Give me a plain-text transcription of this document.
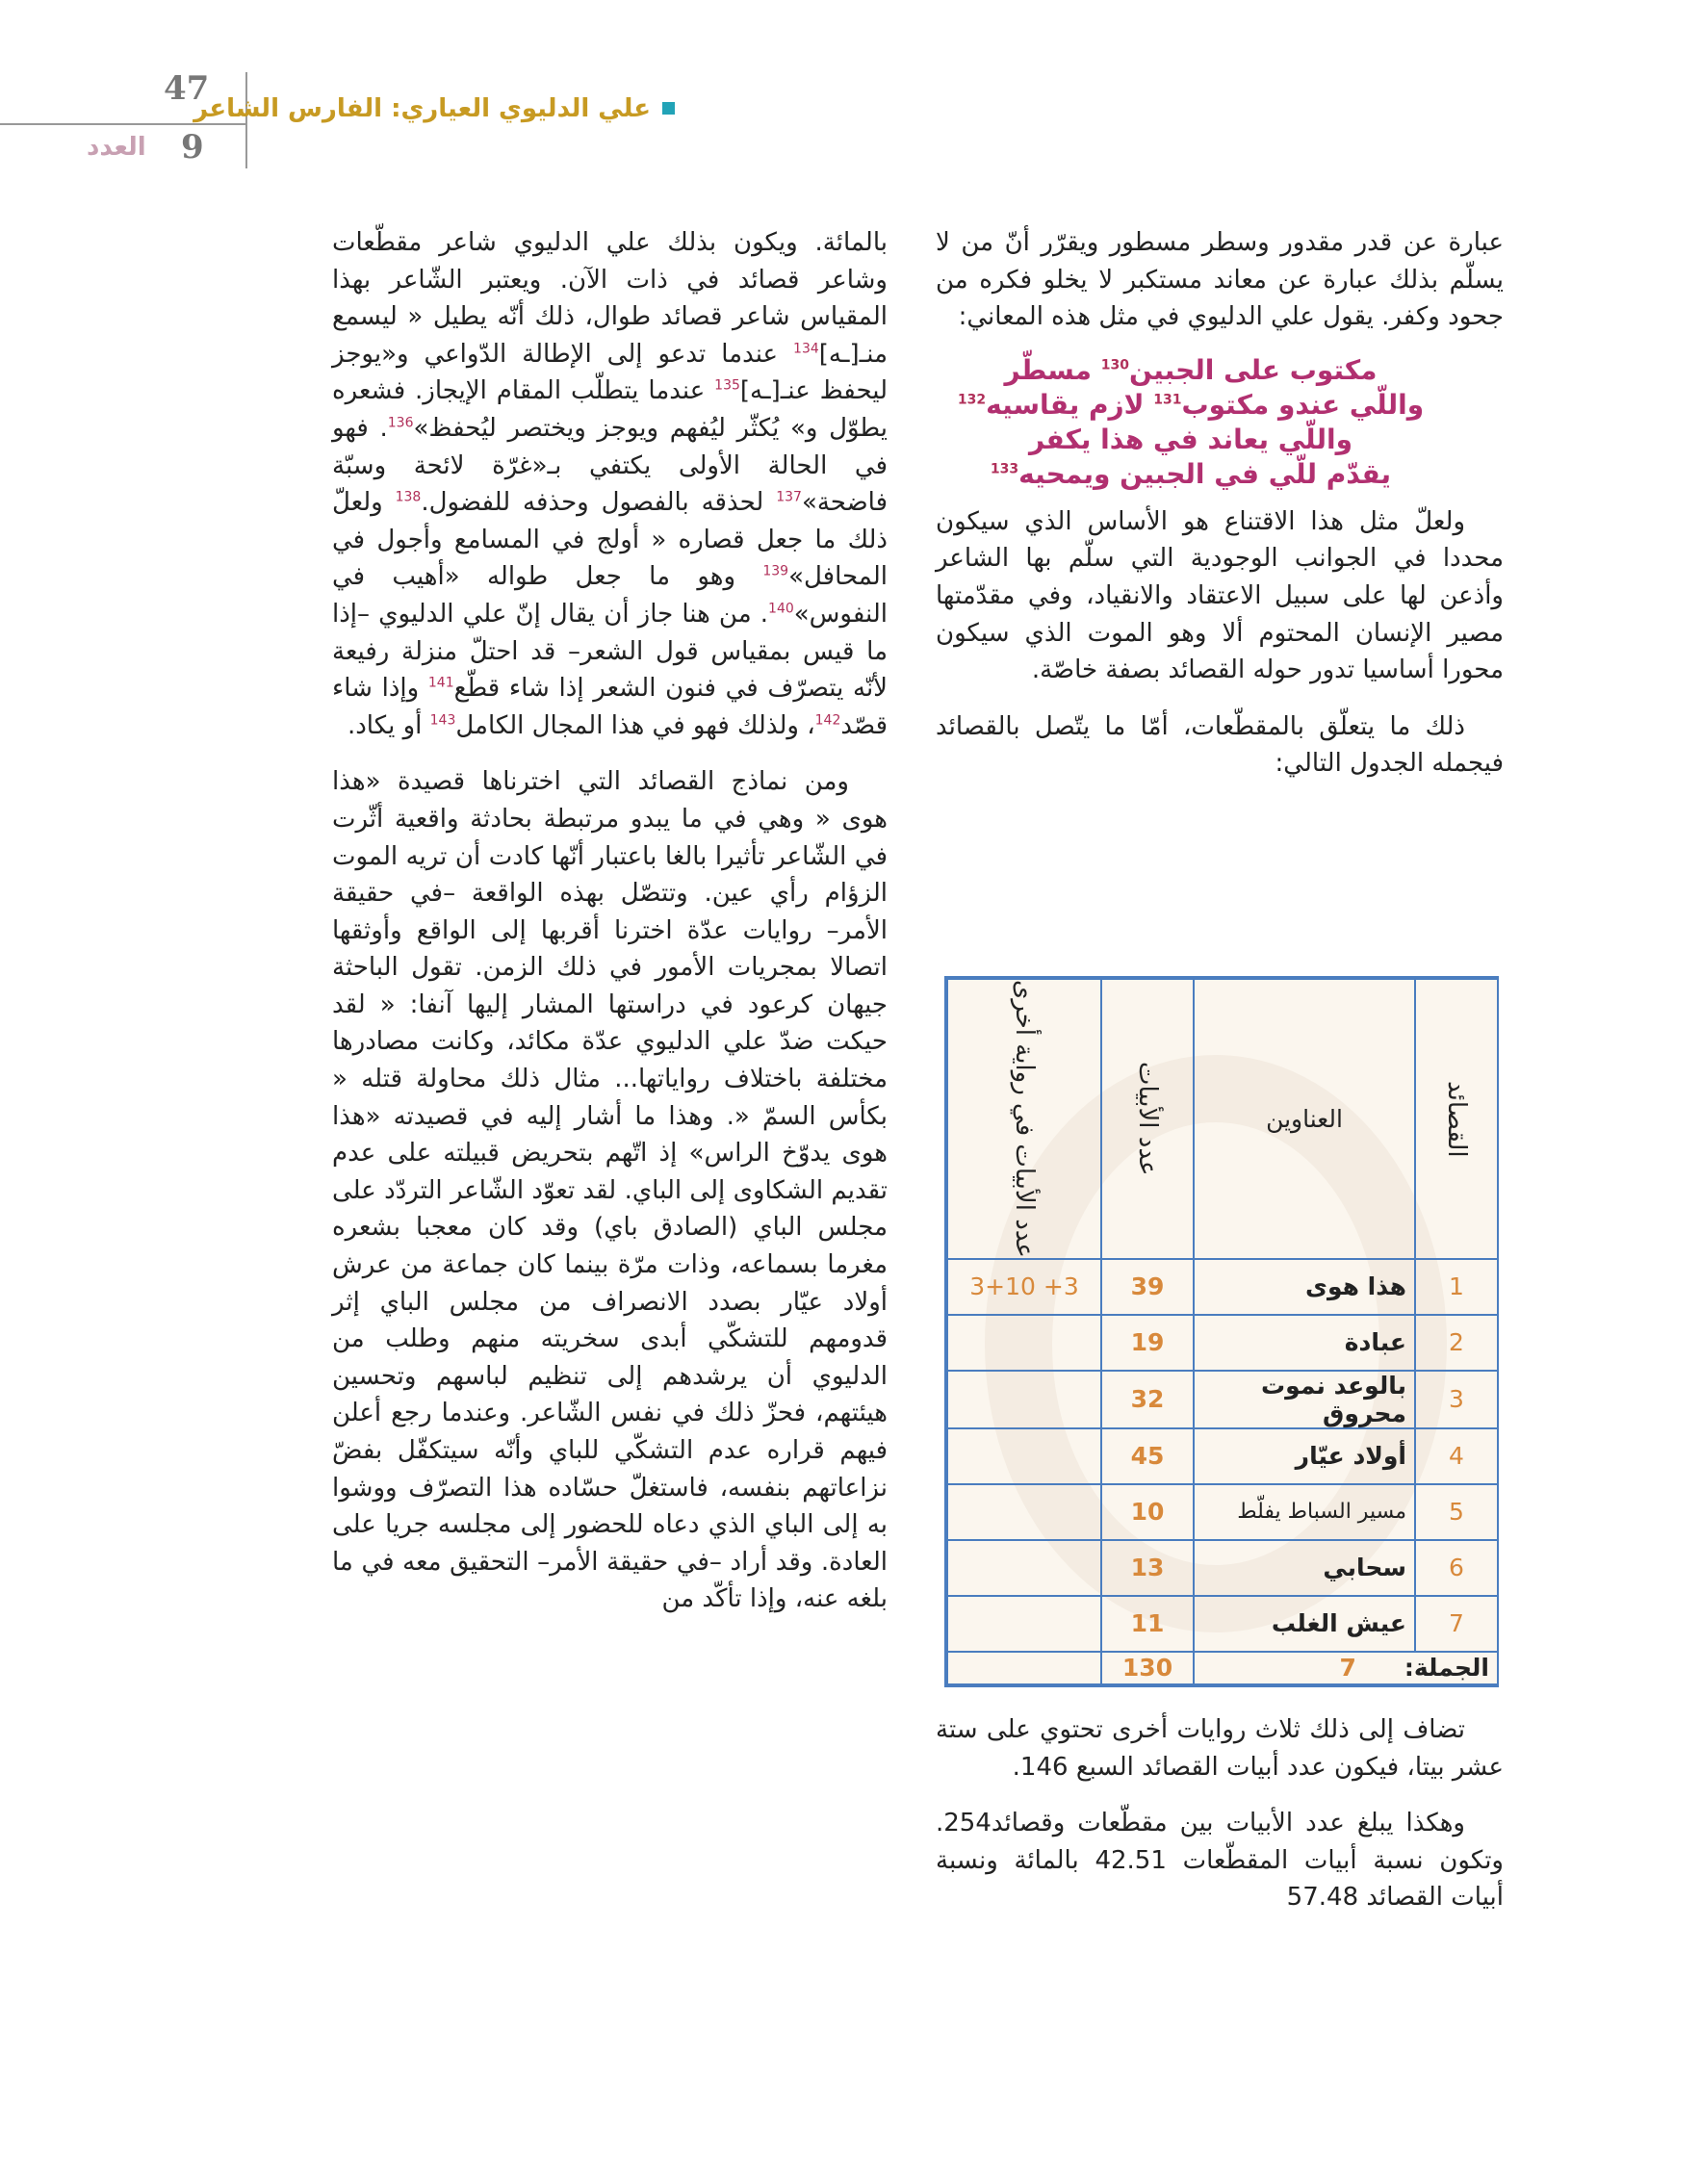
47
9
العدد
علي الدليوي العياري: الفارس الشاعر

عبارة عن قدر مقدور وسطر مسطور ويقرّر أنّ من لا يسلّم بذلك عبارة عن معاند مستكبر لا يخلو فكره من جحود وكفر. يقول علي الدليوي في مثل هذه المعاني:

مكتوب على الجبين$^{130}$ مسطّر
واللّي عندو مكتوب$^{131}$ لازم يقاسيه$^{132}$
واللّي يعاند في هذا يكفر
يقدّم للّي في الجبين ويمحيه$^{133}$

ولعلّ مثل هذا الاقتناع هو الأساس الذي سيكون محددا في الجوانب الوجودية التي سلّم بها الشاعر وأذعن لها على سبيل الاعتقاد والانقياد، وفي مقدّمتها مصير الإنسان المحتوم ألا وهو الموت الذي سيكون محورا أساسيا تدور حوله القصائد بصفة خاصّة.

ذلك ما يتعلّق بالمقطّعات، أمّا ما يتّصل بالقصائد فيجمله الجدول التالي:

تضاف إلى ذلك ثلاث روايات أخرى تحتوي على ستة عشر بيتا، فيكون عدد أبيات القصائد السبع 146.

وهكذا يبلغ عدد الأبيات بين مقطّعات وقصائد254. وتكون نسبة أبيات المقطّعات 42.51 بالمائة ونسبة أبيات القصائد 57.48

القصائد	العناوين	عدد الأبيات	عدد الأبيات في رواية أخرى

1	هذا هوى	39	3+10 +3
2	عبادة	19	
3	بالوعد نموت محروق	32	
4	أولاد عيّار	45	
5	مسير السباط يفلّط	10	
6	سحابي	13	
7	عيش الغلب	11	
الجملة:7		130	

بالمائة. ويكون بذلك علي الدليوي شاعر مقطّعات وشاعر قصائد في ذات الآن. ويعتبر الشّاعر بهذا المقياس شاعر قصائد طوال، ذلك أنّه يطيل « ليسمع منـ[ـه]$^{134}$ عندما تدعو إلى الإطالة الدّواعي و«يوجز ليحفظ عنـ[ـه]$^{135}$ عندما يتطلّب المقام الإيجاز. فشعره يطوّل و» يُكثّر ليُفهم ويوجز ويختصر ليُحفظ»$^{136}$. فهو في الحالة الأولى يكتفي بـ«غرّة لائحة وسبّة فاضحة»$^{137}$ لحذقه بالفصول وحذفه للفضول.$^{138}$ ولعلّ ذلك ما جعل قصاره « أولج في المسامع وأجول في المحافل»$^{139}$ وهو ما جعل طواله «أهيب في النفوس»$^{140}$. من هنا جاز أن يقال إنّ علي الدليوي –إذا ما قيس بمقياس قول الشعر– قد احتلّ منزلة رفيعة لأنّه يتصرّف في فنون الشعر إذا شاء قطّع$^{141}$ وإذا شاء قصّد$^{142}$، ولذلك فهو في هذا المجال الكامل$^{143}$ أو يكاد.

ومن نماذج القصائد التي اخترناها قصيدة «هذا هوى « وهي في ما يبدو مرتبطة بحادثة واقعية أثّرت في الشّاعر تأثيرا بالغا باعتبار أنّها كادت أن تريه الموت الزؤام رأي عين. وتتصّل بهذه الواقعة –في حقيقة الأمر– روايات عدّة اخترنا أقربها إلى الواقع وأوثقها اتصالا بمجريات الأمور في ذلك الزمن. تقول الباحثة جيهان كرعود في دراستها المشار إليها آنفا: « لقد حيكت ضدّ علي الدليوي عدّة مكائد، وكانت مصادرها مختلفة باختلاف رواياتها... مثال ذلك محاولة قتله « بكأس السمّ «. وهذا ما أشار إليه في قصيدته «هذا هوى يدوّخ الراس» إذ اتّهم بتحريض قبيلته على عدم تقديم الشكاوى إلى الباي. لقد تعوّد الشّاعر التردّد على مجلس الباي (الصادق باي) وقد كان معجبا بشعره مغرما بسماعه، وذات مرّة بينما كان جماعة من عرش أولاد عيّار بصدد الانصراف من مجلس الباي إثر قدومهم للتشكّي أبدى سخريته منهم وطلب من الدليوي أن يرشدهم إلى تنظيم لباسهم وتحسين هيئتهم، فحزّ ذلك في نفس الشّاعر. وعندما رجع أعلن فيهم قراره عدم التشكّي للباي وأنّه سيتكفّل بفضّ نزاعاتهم بنفسه، فاستغلّ حسّاده هذا التصرّف ووشوا به إلى الباي الذي دعاه للحضور إلى مجلسه جريا على العادة. وقد أراد –في حقيقة الأمر– التحقيق معه في ما بلغه عنه، وإذا تأكّد من
